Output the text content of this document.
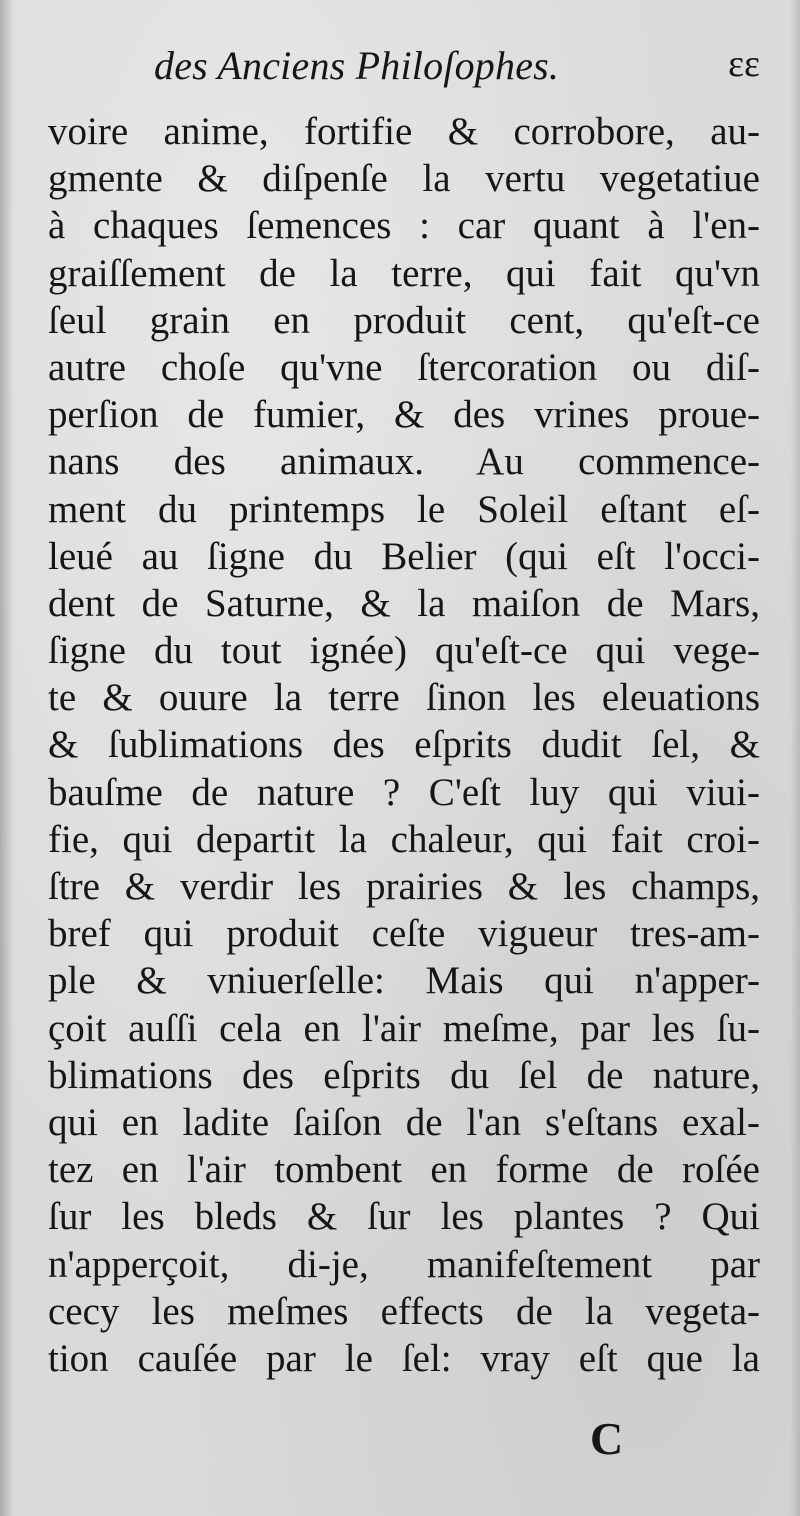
des Anciens Philoſophes.	ɛɛ
voire anime, fortifie & corrobore, au-
gmente & diſpenſe la vertu vegetatiue
à chaques ſemences : car quant à l'en-
graiſſement de la terre, qui fait qu'vn
ſeul grain en produit cent, qu'eſt-ce
autre choſe qu'vne ſtercoration ou diſ-
perſion de fumier, & des vrines proue-
nans des animaux. Au commence-
ment du printemps le Soleil eſtant eſ-
leué au ſigne du Belier (qui eſt l'occi-
dent de Saturne, & la maiſon de Mars,
ſigne du tout ignée) qu'eſt-ce qui vege-
te & ouure la terre ſinon les eleuations
& ſublimations des eſprits dudit ſel, &
bauſme de nature ? C'eſt luy qui viui-
fie, qui departit la chaleur, qui fait croi-
ſtre & verdir les prairies & les champs,
bref qui produit ceſte vigueur tres-am-
ple & vniuerſelle: Mais qui n'apper-
çoit auſſi cela en l'air meſme, par les ſu-
blimations des eſprits du ſel de nature,
qui en ladite ſaiſon de l'an s'eſtans exal-
tez en l'air tombent en forme de roſée
ſur les bleds & ſur les plantes ? Qui
n'apperçoit, di-je, manifeſtement par
cecy les meſmes effects de la vegeta-
tion cauſée par le ſel: vray eſt que la
C
